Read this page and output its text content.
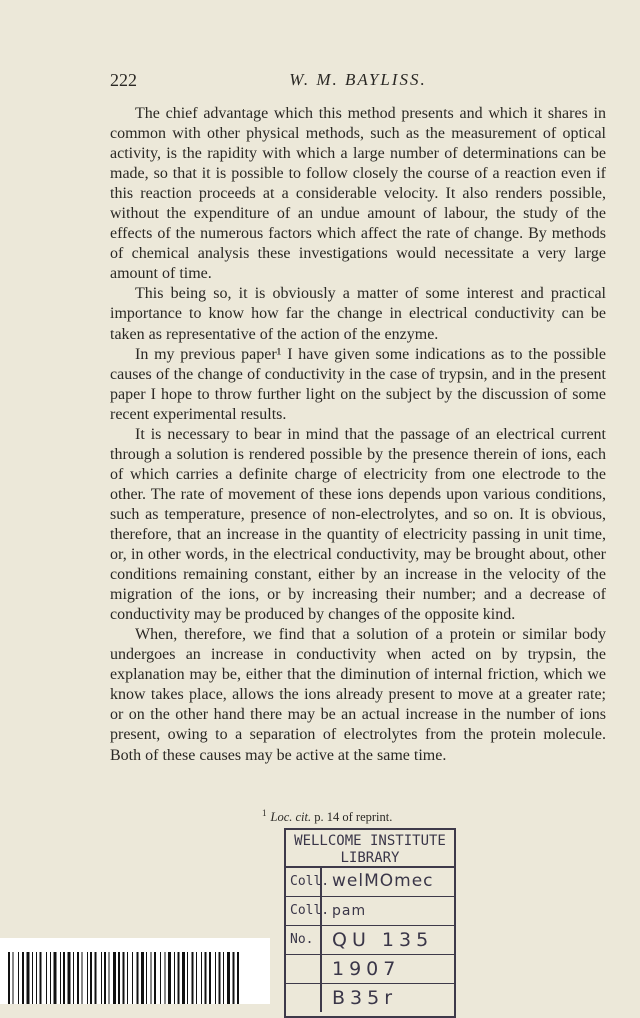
222	W. M. BAYLISS.

The chief advantage which this method presents and which it shares in common with other physical methods, such as the measurement of optical activity, is the rapidity with which a large number of determinations can be made, so that it is possible to follow closely the course of a reaction even if this reaction proceeds at a considerable velocity. It also renders possible, without the expenditure of an undue amount of labour, the study of the effects of the numerous factors which affect the rate of change. By methods of chemical analysis these investigations would necessitate a very large amount of time.

This being so, it is obviously a matter of some interest and practical importance to know how far the change in electrical conductivity can be taken as representative of the action of the enzyme.

In my previous paper¹ I have given some indications as to the possible causes of the change of conductivity in the case of trypsin, and in the present paper I hope to throw further light on the subject by the discussion of some recent experimental results.

It is necessary to bear in mind that the passage of an electrical current through a solution is rendered possible by the presence therein of ions, each of which carries a definite charge of electricity from one electrode to the other. The rate of movement of these ions depends upon various conditions, such as temperature, presence of non-electrolytes, and so on. It is obvious, therefore, that an increase in the quantity of electricity passing in unit time, or, in other words, in the electrical conductivity, may be brought about, other conditions remaining constant, either by an increase in the velocity of the migration of the ions, or by increasing their number; and a decrease of conductivity may be produced by changes of the opposite kind.

When, therefore, we find that a solution of a protein or similar body undergoes an increase in conductivity when acted on by trypsin, the explanation may be, either that the diminution of internal friction, which we know takes place, allows the ions already present to move at a greater rate; or on the other hand there may be an actual increase in the number of ions present, owing to a separation of electrolytes from the protein molecule. Both of these causes may be active at the same time.

$^1$ Loc. cit. p. 14 of reprint.
WELLCOME INSTITUTE
LIBRARY
Coll. welMOmec
Coll. pam
No. QU 135
1907
B35r
